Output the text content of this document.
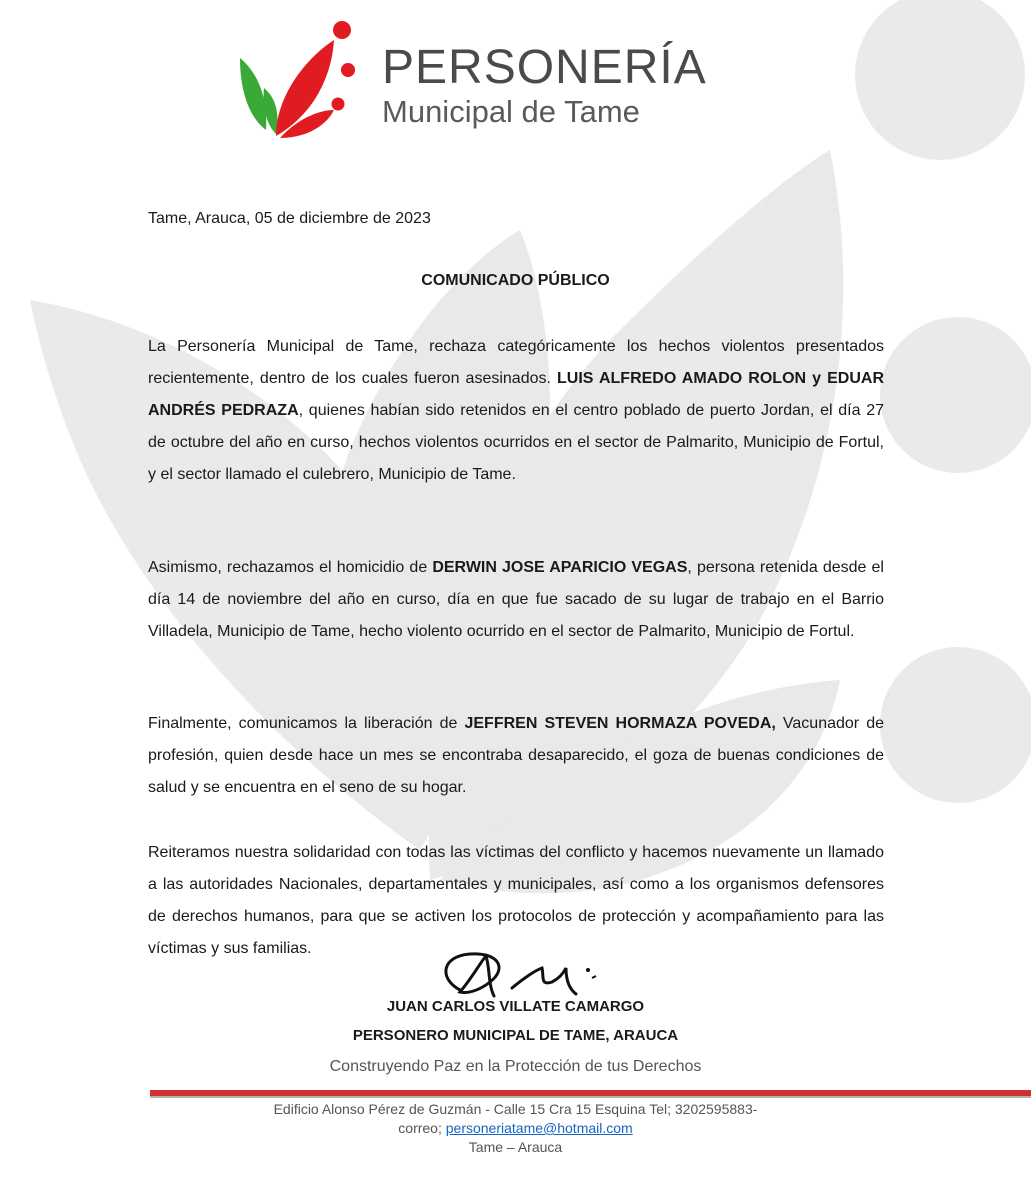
PERSONERÍA
Municipal de Tame
Tame, Arauca, 05 de diciembre de 2023
COMUNICADO PÚBLICO

La Personería Municipal de Tame, rechaza categóricamente los hechos violentos presentados recientemente, dentro de los cuales fueron asesinados. LUIS ALFREDO AMADO ROLON y EDUAR ANDRÉS PEDRAZA, quienes habían sido retenidos en el centro poblado de puerto Jordan, el día 27 de octubre del año en curso, hechos violentos ocurridos en el sector de Palmarito, Municipio de Fortul, y el sector llamado el culebrero, Municipio de Tame.

Asimismo, rechazamos el homicidio de DERWIN JOSE APARICIO VEGAS, persona retenida desde el día 14 de noviembre del año en curso, día en que fue sacado de su lugar de trabajo en el Barrio Villadela, Municipio de Tame, hecho violento ocurrido en el sector de Palmarito, Municipio de Fortul.

Finalmente, comunicamos la liberación de JEFFREN STEVEN HORMAZA POVEDA, Vacunador de profesión, quien desde hace un mes se encontraba desaparecido, el goza de buenas condiciones de salud y se encuentra en el seno de su hogar.

Reiteramos nuestra solidaridad con todas las víctimas del conflicto y hacemos nuevamente un llamado a las autoridades Nacionales, departamentales y municipales, así como a los organismos defensores de derechos humanos, para que se activen los protocolos de protección y acompañamiento para las víctimas y sus familias.

JUAN CARLOS VILLATE CAMARGO
PERSONERO MUNICIPAL DE TAME, ARAUCA
Construyendo Paz en la Protección de tus Derechos
Edificio Alonso Pérez de Guzmán - Calle 15 Cra 15 Esquina Tel; 3202595883-
correo; personeriatame@hotmail.com
Tame – Arauca
